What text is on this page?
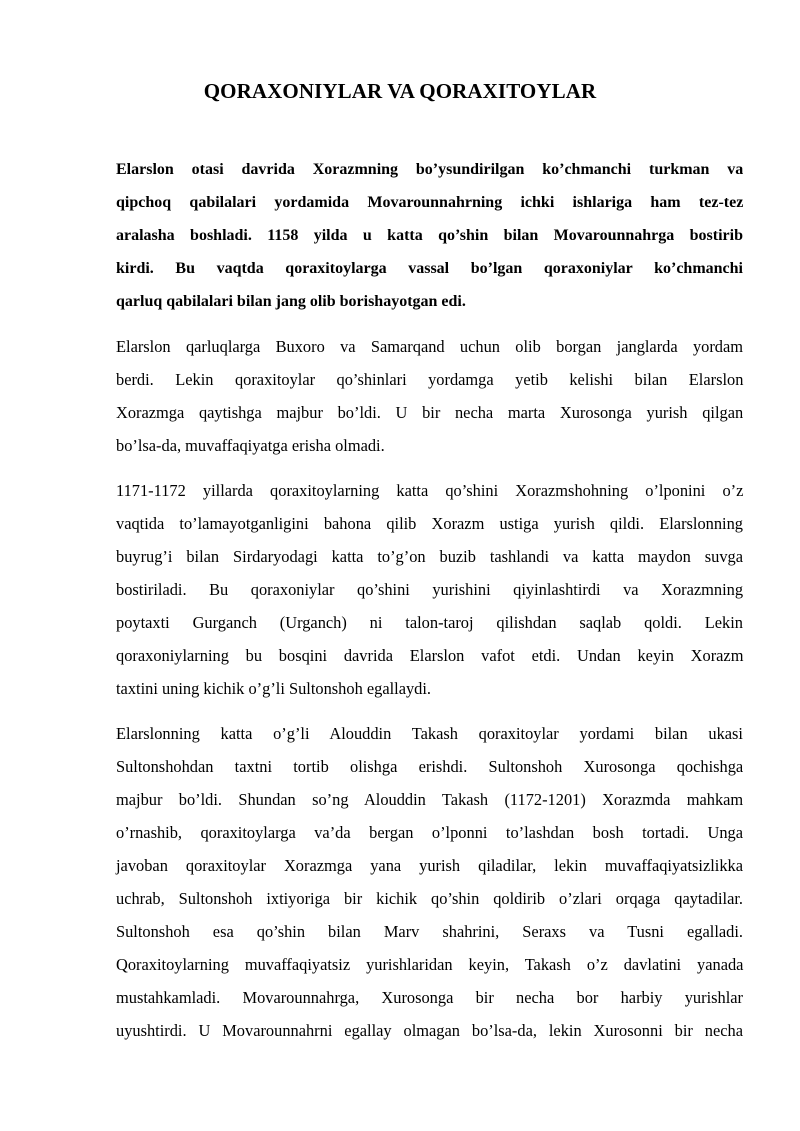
QORAXONIYLAR VA QORAXITOYLAR
Elarslon otasi davrida Xorazmning bo’ysundirilgan ko’chmanchi turkman va
qipchoq qabilalari yordamida Movarounnahrning ichki ishlariga ham tez-tez
aralasha boshladi. 1158 yilda u katta qo’shin bilan Movarounnahrga bostirib
kirdi. Bu vaqtda qoraxitoylarga vassal bo’lgan qoraxoniylar ko’chmanchi
qarluq qabilalari bilan jang olib borishayotgan edi.
Elarslon qarluqlarga Buxoro va Samarqand uchun olib borgan janglarda yordam
berdi. Lekin qoraxitoylar qo’shinlari yordamga yetib kelishi bilan Elarslon
Xorazmga qaytishga majbur bo’ldi. U bir necha marta Xurosonga yurish qilgan
bo’lsa-da, muvaffaqiyatga erisha olmadi.
1171-1172 yillarda qoraxitoylarning katta qo’shini Xorazmshohning o’lponini o’z
vaqtida to’lamayotganligini bahona qilib Xorazm ustiga yurish qildi. Elarslonning
buyrug’i bilan Sirdaryodagi katta to’g’on buzib tashlandi va katta maydon suvga
bostiriladi. Bu qoraxoniylar qo’shini yurishini qiyinlashtirdi va Xorazmning
poytaxti Gurganch (Urganch) ni talon-taroj qilishdan saqlab qoldi. Lekin
qoraxoniylarning bu bosqini davrida Elarslon vafot etdi. Undan keyin Xorazm
taxtini uning kichik o’g’li Sultonshoh egallaydi.
Elarslonning katta o’g’li Alouddin Takash qoraxitoylar yordami bilan ukasi
Sultonshohdan taxtni tortib olishga erishdi. Sultonshoh Xurosonga qochishga
majbur bo’ldi. Shundan so’ng Alouddin Takash (1172-1201) Xorazmda mahkam
o’rnashib, qoraxitoylarga va’da bergan o’lponni to’lashdan bosh tortadi. Unga
javoban qoraxitoylar Xorazmga yana yurish qiladilar, lekin muvaffaqiyatsizlikka
uchrab, Sultonshoh ixtiyoriga bir kichik qo’shin qoldirib o’zlari orqaga qaytadilar.
Sultonshoh esa qo’shin bilan Marv shahrini, Seraxs va Tusni egalladi.
Qoraxitoylarning muvaffaqiyatsiz yurishlaridan keyin, Takash o’z davlatini yanada
mustahkamladi. Movarounnahrga, Xurosonga bir necha bor harbiy yurishlar
uyushtirdi. U Movarounnahrni egallay olmagan bo’lsa-da, lekin Xurosonni bir necha
